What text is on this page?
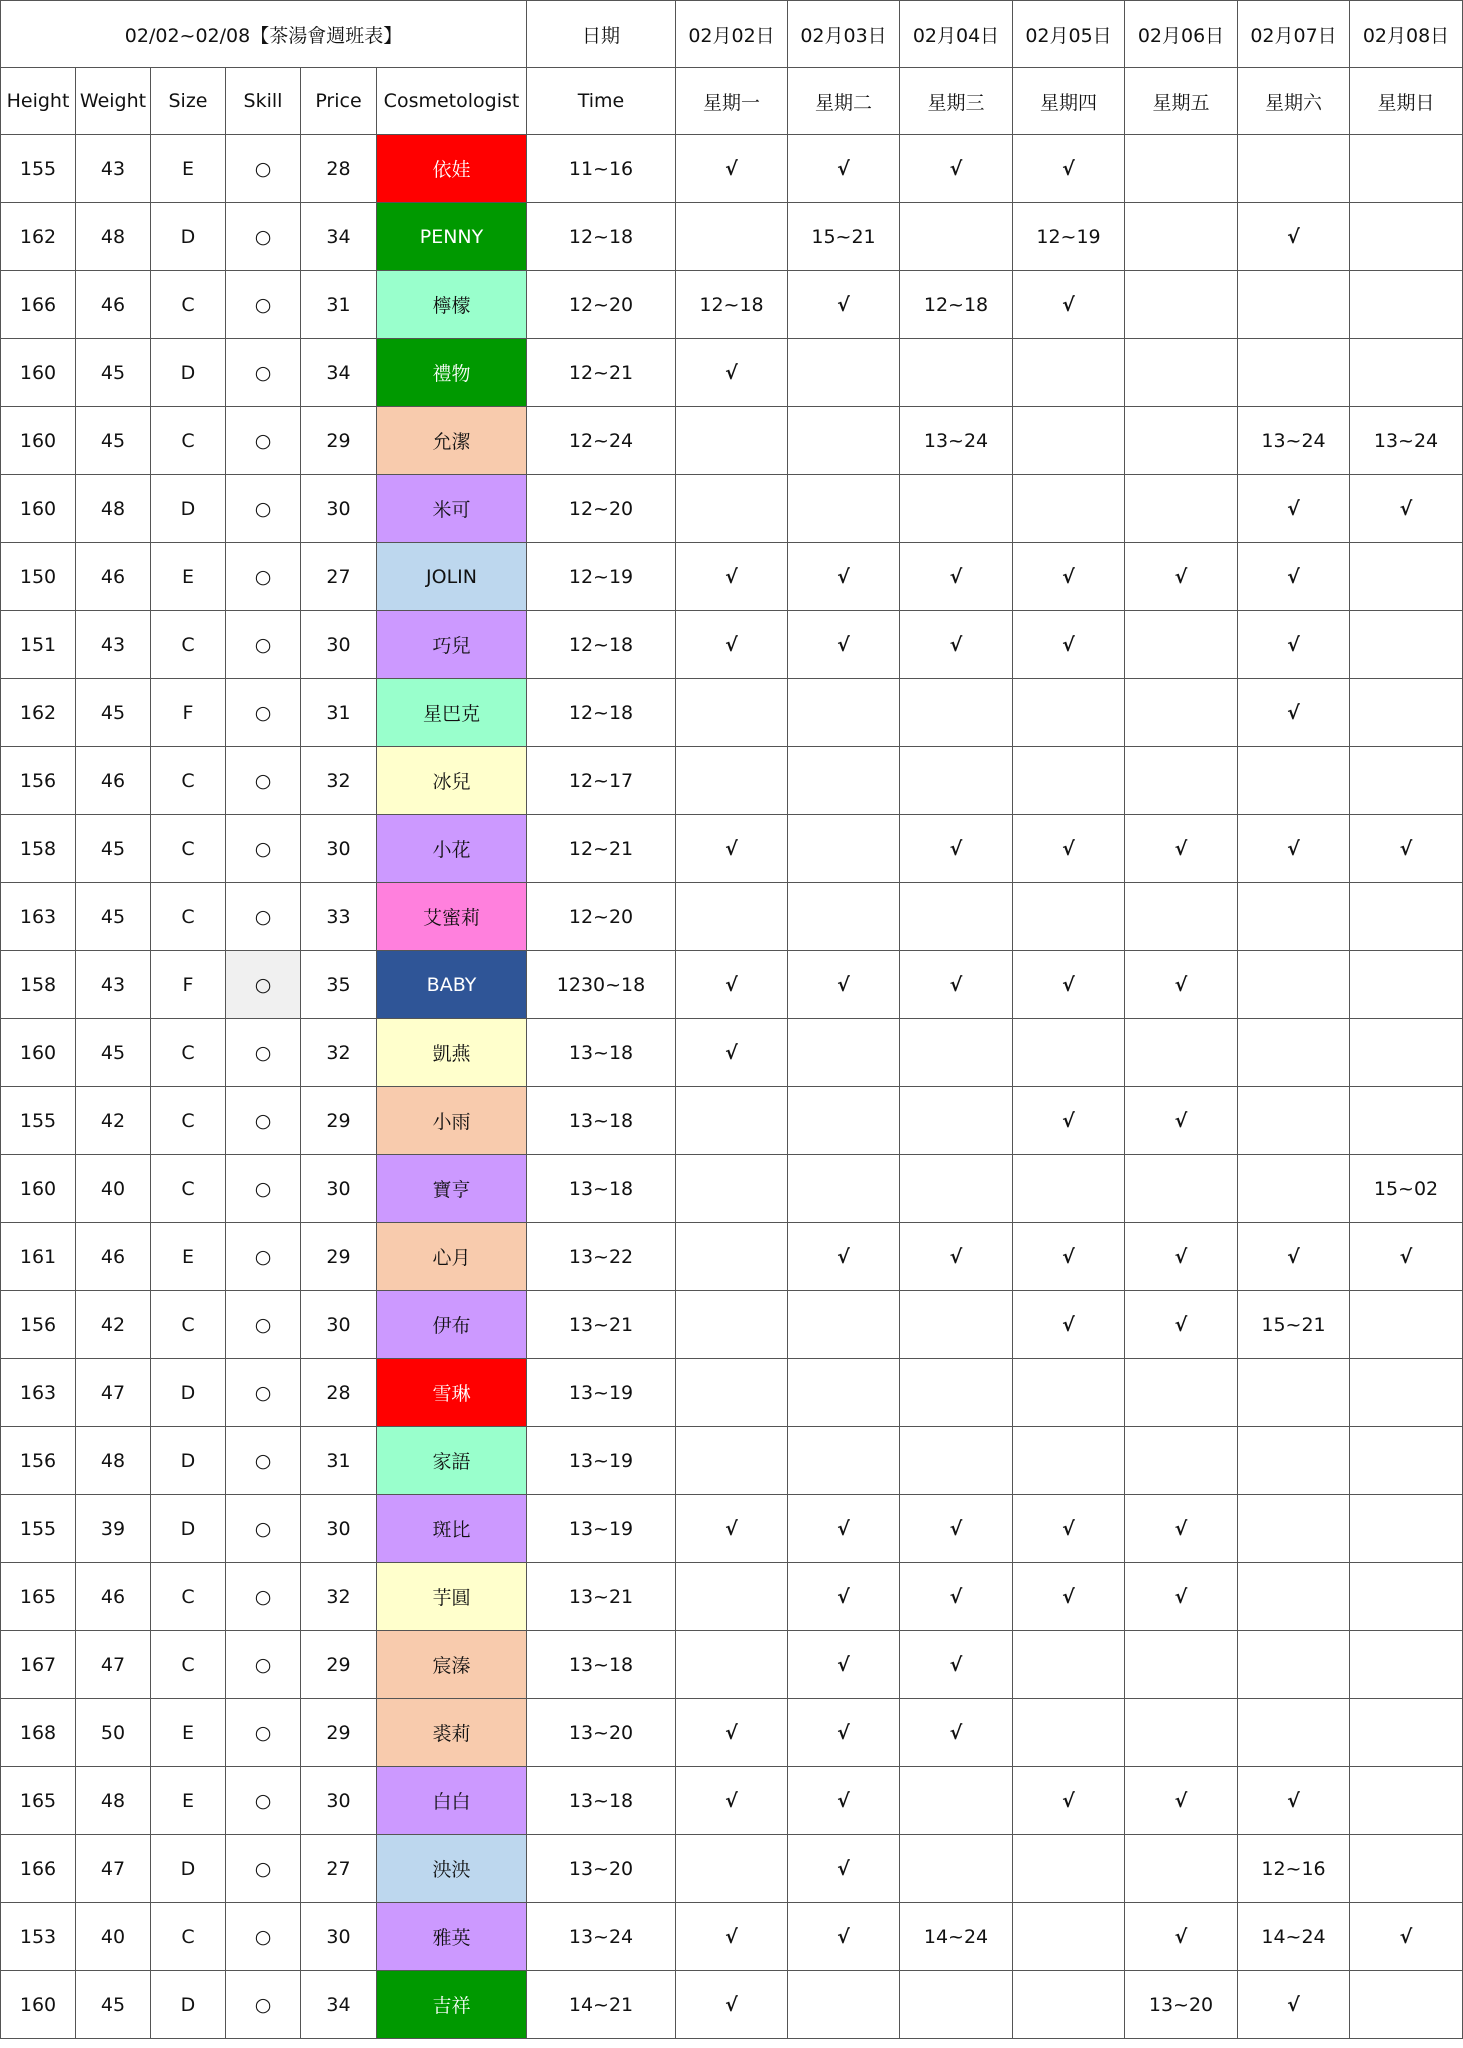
02/02~02/08【茶湯會週班表】						日期	02月02日	02月03日	02月04日	02月05日	02月06日	02月07日	02月08日
Height	Weight	Size	Skill	Price	Cosmetologist	Time	星期一	星期二	星期三	星期四	星期五	星期六	星期日
155	43	E	○	28	依娃	11~16	√	√	√	√			
162	48	D	○	34	PENNY	12~18		15~21		12~19		√	
166	46	C	○	31	檸檬	12~20	12~18	√	12~18	√			
160	45	D	○	34	禮物	12~21	√						
160	45	C	○	29	允潔	12~24			13~24			13~24	13~24
160	48	D	○	30	米可	12~20						√	√
150	46	E	○	27	JOLIN	12~19	√	√	√	√	√	√	
151	43	C	○	30	巧兒	12~18	√	√	√	√		√	
162	45	F	○	31	星巴克	12~18						√	
156	46	C	○	32	冰兒	12~17							
158	45	C	○	30	小花	12~21	√		√	√	√	√	√
163	45	C	○	33	艾蜜莉	12~20							
158	43	F	○	35	BABY	1230~18	√	√	√	√	√		
160	45	C	○	32	凱燕	13~18	√						
155	42	C	○	29	小雨	13~18				√	√		
160	40	C	○	30	寶亨	13~18							15~02
161	46	E	○	29	心月	13~22		√	√	√	√	√	√
156	42	C	○	30	伊布	13~21				√	√	15~21	
163	47	D	○	28	雪琳	13~19							
156	48	D	○	31	家語	13~19							
155	39	D	○	30	斑比	13~19	√	√	√	√	√		
165	46	C	○	32	芋圓	13~21		√	√	√	√		
167	47	C	○	29	宸溱	13~18		√	√				
168	50	E	○	29	裘莉	13~20	√	√	√				
165	48	E	○	30	白白	13~18	√	√		√	√	√	
166	47	D	○	27	泱泱	13~20		√				12~16	
153	40	C	○	30	雅英	13~24	√	√	14~24		√	14~24	√
160	45	D	○	34	吉祥	14~21	√				13~20	√	
